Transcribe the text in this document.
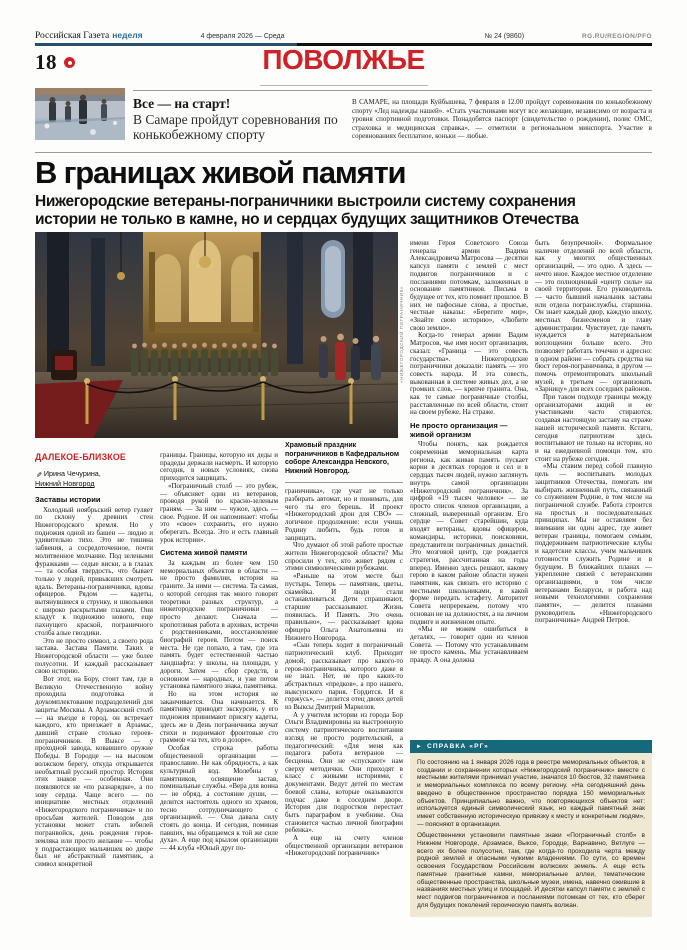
Российская Газета неделя	4 февраля 2026 — Среда	№ 24 (9860)	RG.RU/REGION/PFO
18	ПОВОЛЖЬЕ
Все — на старт!
В Самаре пройдут соревнования по конькобежному спорту
В САМАРЕ, на площади Куйбышева, 7 февраля в 12.00 пройдут соревнования по конькобежному спорту «Лед надежды нашей». «Стать участниками могут все желающие, независимо от возраста и уровня спортивной подготовки. Понадобятся паспорт (свидетельство о рождении), полис ОМС, страховка и медицинская справка», — отметили в региональном минспорта. Участие в соревнованиях бесплатное, коньки — любые.
В границах живой памяти
Нижегородские ветераны-пограничники выстроили систему сохранения истории не только в камне, но и сердцах будущих защитников Отечества
«НИЖЕГОРОДСКИЙ ПОГРАНИЧНИК»
ДАЛЕКОЕ-БЛИЗКОЕ
✎ Ирина Чечурина,
Нижний Новгород
Заставы истории

Холодный ноябрьский ветер гуляет по склону у древних стен Нижегородского кремля. Но у подножия одной из башен — людно и удивительно тихо. Это не тишина забвения, а сосредоточенное, почти молитвенное молчание. Под зелеными фуражками — седые виски, а в глазах — та особая твердость, что бывает только у людей, привыкших смотреть вдаль. Ветераны-пограничники, вдовы офицеров. Рядом — кадеты, вытянувшиеся в струнку, и школьники с широко раскрытыми глазами. Они кладут к подножию нового, еще пахнущего краской, пограничного столба алые гвоздики.

Это не просто символ, а своего рода застава. Застава Памяти. Таких в Нижегородской области — уже более полусотни. И каждый рассказывает свою историю.

Вот этот, на Бору, стоит там, где в Великую Отечественную войну проходила подготовка и доукомплектование подразделений для защиты Москвы. А Арзамасский столб — на въезде в город, он встречает каждого, кто приезжает в Арзамас, давший стране столько героев-пограничников. В Выксе — у проходной завода, ковавшего оружие Победы. В Городце — на высоком волжском берегу, откуда открывается необъятный русский простор. История этих знаков — особенная. Они появляются не «по разнарядке», а по зову сердца. Чаще всего — по инициативе местных отделений «Нижегородского пограничника» и по просьбам жителей. Поводом для установки может стать юбилей погранвойск, день рождения героя-земляка или просто желание — чтобы у подрастающих мальчишек во дворе был не абстрактный памятник, а символ конкретной

границы. Границы, которую их деды и прадеды держали насмерть. И которую сегодня, в новых условиях, снова приходится защищать.

«Пограничный столб — это рубеж, — объясняет один из ветеранов, проводя рукой по красно-зеленым граням. — За ним — чужое, здесь — свое. Родное. И он напоминает: чтобы это «свое» сохранить, его нужно оберегать. Всегда. Это и есть главный урок истории».

Система живой памяти

За каждым из более чем 150 мемориальных объектов в области — не просто фамилии, история на граните. За ними — система. Та самая, о которой сегодня так много говорят теоретики разных структур, а нижегородские пограничники — просто делают. Сначала — кропотливая работа в архивах, встречи с родственниками, восстановление биографий героев. Потом — поиск места. Не где попало, а там, где эта память будет естественной частью ландшафта: у школы, на площади, у дороги. Затем — сбор средств, в основном — народных, и уже потом установка памятного знака, памятника.

Но на этом история не заканчивается. Она начинается. К памятнику приводят экскурсии, у его подножия принимают присягу кадеты, здесь же в День пограничника звучат стихи и поднимают фронтовые сто граммов «за тех, кто в дозоре».

Особая строка работы общественной организации — православие. Не как обрядность, а как культурный код. Молебны у памятников, освящение застав, поминальные службы. «Вера для воина — не обряд, а состояние души, — делится настоятель одного из храмов, тесно сотрудничающего с организацией. — Она давала силу стоять до конца. И сегодня, поминая павших, мы обращаемся к той же силе духа». А еще под крылом организации — 44 клуба «Юный друг по-

Храмовый праздник пограничников в Кафедральном соборе Александра Невского, Нижний Новгород.

граничника», где учат не только разбирать автомат, но и понимать, для чего ты его берешь. И проект «Нижегородский дрон для СВО» — логичное продолжение: если учишь Родину любить, будь готов и защищать.

Что думают об этой работе простые жители Нижегородской области? Мы спросили у тех, кто живет рядом с этими символическими рубежами.

«Раньше на этом месте был пустырь. Теперь — памятник, цветы, скамейка. И люди стали останавливаться. Дети спрашивают, старшие рассказывают. Жизнь появилась. И Память. Это очень правильно», — рассказывает вдова офицера Ольга Анатольевна из Нижнего Новгорода.

«Сын теперь ходит в пограничный патриотический клуб. Приходит домой, рассказывает про какого-то героя-пограничника, которого даже я не знал. Нет, не про каких-то абстрактных «предков», а про нашего, выксунского парня. Гордится. И я горжусь», — делится отец двоих детей из Выксы Дмитрий Маркелов.

А у учителя истории из города Бор Ольги Владимировны на выстроенную систему патриотического воспитания взгляд не просто родительский, а педагогический: «Для меня как педагога работа ветеранов — бесценна. Они не «спускают» нам сверху методички. Они приходят в класс с живыми историями, с документами. Ведут детей по местам боевой славы, которые оказываются подчас даже в соседнем дворе. История для подростков перестает быть параграфом в учебнике. Она становится частью личной биографии ребенка».

А еще на счету членов общественной организации ветеранов «Нижегородский пограничник»

имени Героя Советского Союза генерала армии Вадима Александровича Матросова — десятки капсул памяти с землей с мест подвигов пограничников и с посланиями потомкам, заложенных в основание памятников. Письма в будущее от тех, кто помнит прошлое. В них не пафосные слова, а простые, честные наказы: «Берегите мир», «Знайте свою историю», «Любите свою землю».

Когда-то генерал армии Вадим Матросов, чье имя носит организация, сказал: «Граница — это совесть государства». Нижегородские пограничники доказали: память — это совесть народа. И эта совесть, выкованная в системе живых дел, а не громких слов, — крепче гранита. Она, как те самые пограничные столбы, расставленные по всей области, стоит на своем рубеже. На страже.

Не просто организация — живой организм

Чтобы понять, как рождается современная мемориальная карта региона, как живая память пускает корни в десятках городов и сел и в сердцах тысяч людей, нужно заглянуть внутрь самой организации «Нижегородский пограничник». За цифрой «19 тысяч человек» — не просто список членов организации, а сложный, выверенный организм. Его сердце — Совет старейшин, куда входят ветераны, вдовы офицеров, командиры, историки, поисковики, представители пограничных династий. Это мозговой центр, где рождается стратегия, рассчитанная на годы вперед. Именно здесь решают, какому герою в каком районе области нужен памятник, как связать его историю с местными школьниками, в какой форме передать эстафету. Авторитет Совета непререкаем, потому что основан не на должностях, а на личном подвиге и жизненном опыте.

«Мы не можем ошибиться в деталях, — говорит один из членов Совета. — Потому что устанавливаем не просто камень. Мы устанавливаем правду. А она должна

быть безупречной». Формальное наличие отделений по всей области, как у многих общественных организаций, — это одно. А здесь — нечто иное. Каждое местное отделение — это полноценный «центр силы» на своей территории. Его руководитель — часто бывший начальник заставы или отдела погранслужбы, старшина. Он знает каждый двор, каждую школу, местных бизнесменов и главу администрации. Чувствует, где память нуждается в материальном воплощении больше всего. Это позволяет работать точечно и адресно: в одном районе — собрать средства на бюст героя-пограничника, в другом — помочь отремонтировать школьный музей, в третьем — организовать «Зарницу» для всех соседних районов.

При таком подходе границы между организаторами акций и ее участниками часто стираются, создавая настоящую заставу на страже нашей исторической памяти. Кстати, сегодня патриотизм здесь воспитывают не только на истории, но и на ежедневной помощи тем, кто стоит на рубеже сегодня.

«Мы ставим перед собой главную цель — воспитывать молодых защитников Отечества, помогать им выбирать жизненный путь, связанный со служением Родине, в том числе на пограничной службе. Работа строится на простых и последовательных принципах. Мы не оставляем без внимания ни один адрес, где живет ветеран границы, помогаем семьям, поддерживаем патриотические клубы и кадетские классы, учим мальчишек готовности служить Родине и в будущем. В ближайших планах — укрепление связей с ветеранскими организациями, в том числе ветеранами Беларуси, и работа над новыми технологиями сохранения памяти», — делится планами руководитель «Нижегородского пограничника» Андрей Петров.

► СПРАВКА «РГ»

По состоянию на 1 января 2026 года в реестре мемориальных объектов, в создании и сохранении которых «Нижегородский пограничник» вместе с местными жителями принимал участие, значатся 10 бюстов, 32 памятника и мемориальных комплекса по всему региону. «На сегодняшний день введено в общественное пространство порядка 150 мемориальных объектов. Принципиально важно, что повторяющихся объектов нет: используется единый символический язык, но каждый памятный знак имеет собственную историческую привязку к месту и конкретным людям», — поясняют в организации.

Общественники установили памятные знаки «Пограничный столб» в Нижнем Новгороде, Арзамасе, Выксе, Городце, Варнавино, Ветлуге — всего их более полусотни, там, где когда-то проходила черта между родной землей и опасными чужими владениями. По сути, со времен освоения Государством Российским волжских земель. А еще есть памятные гранитные камни, мемориальные аллеи, тематические общественные пространства, школьные музеи, имена, навечно ожившие в названиях местных улиц и площадей. И десятки капсул памяти с землей с мест подвигов пограничников и посланиями потомкам от тех, кто сберег для будущих поколений героическую память волжан.
